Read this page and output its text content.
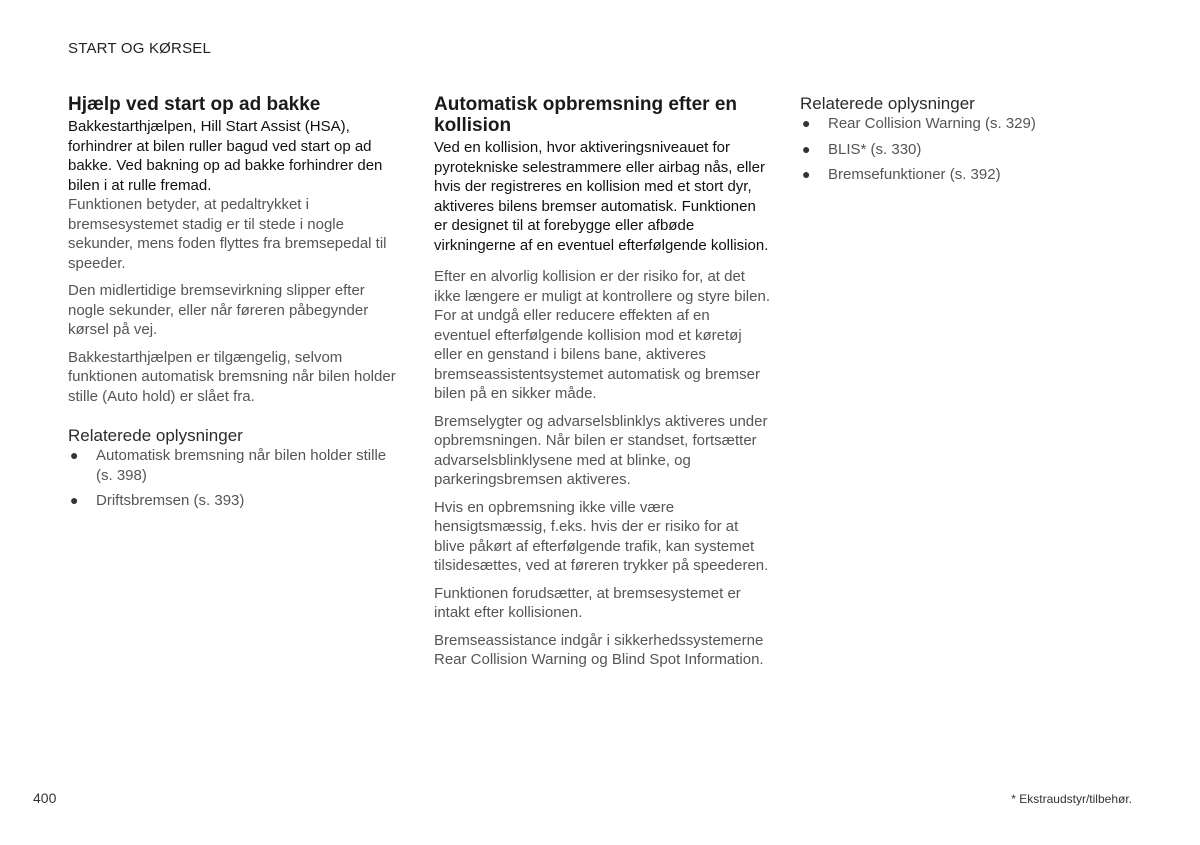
START OG KØRSEL
Hjælp ved start op ad bakke

Bakkestarthjælpen, Hill Start Assist (HSA), forhindrer at bilen ruller bagud ved start op ad bakke. Ved bakning op ad bakke forhindrer den bilen i at rulle fremad.

Funktionen betyder, at pedaltrykket i bremsesystemet stadig er til stede i nogle sekunder, mens foden flyttes fra bremsepedal til speeder.

Den midlertidige bremsevirkning slipper efter nogle sekunder, eller når føreren påbegynder kørsel på vej.

Bakkestarthjælpen er tilgængelig, selvom funktionen automatisk bremsning når bilen holder stille (Auto hold) er slået fra.

Relaterede oplysninger
● Automatisk bremsning når bilen holder stille (s. 398)
● Driftsbremsen (s. 393)
Automatisk opbremsning efter en kollision

Ved en kollision, hvor aktiveringsniveauet for pyrotekniske selestrammere eller airbag nås, eller hvis der registreres en kollision med et stort dyr, aktiveres bilens bremser automatisk. Funktionen er designet til at forebygge eller afbøde virkningerne af en eventuel efterfølgende kollision.

Efter en alvorlig kollision er der risiko for, at det ikke længere er muligt at kontrollere og styre bilen. For at undgå eller reducere effekten af en eventuel efterfølgende kollision mod et køretøj eller en genstand i bilens bane, aktiveres bremseassistentsystemet automatisk og bremser bilen på en sikker måde.

Bremselygter og advarselsblinklys aktiveres under opbremsningen. Når bilen er standset, fortsætter advarselsblinklysene med at blinke, og parkeringsbremsen aktiveres.

Hvis en opbremsning ikke ville være hensigtsmæssig, f.eks. hvis der er risiko for at blive påkørt af efterfølgende trafik, kan systemet tilsidesættes, ved at føreren trykker på speederen.

Funktionen forudsætter, at bremsesystemet er intakt efter kollisionen.

Bremseassistance indgår i sikkerhedssystemerne Rear Collision Warning og Blind Spot Information.

Relaterede oplysninger
● Rear Collision Warning (s. 329)
● BLIS* (s. 330)
● Bremsefunktioner (s. 392)
400	* Ekstraudstyr/tilbehør.
